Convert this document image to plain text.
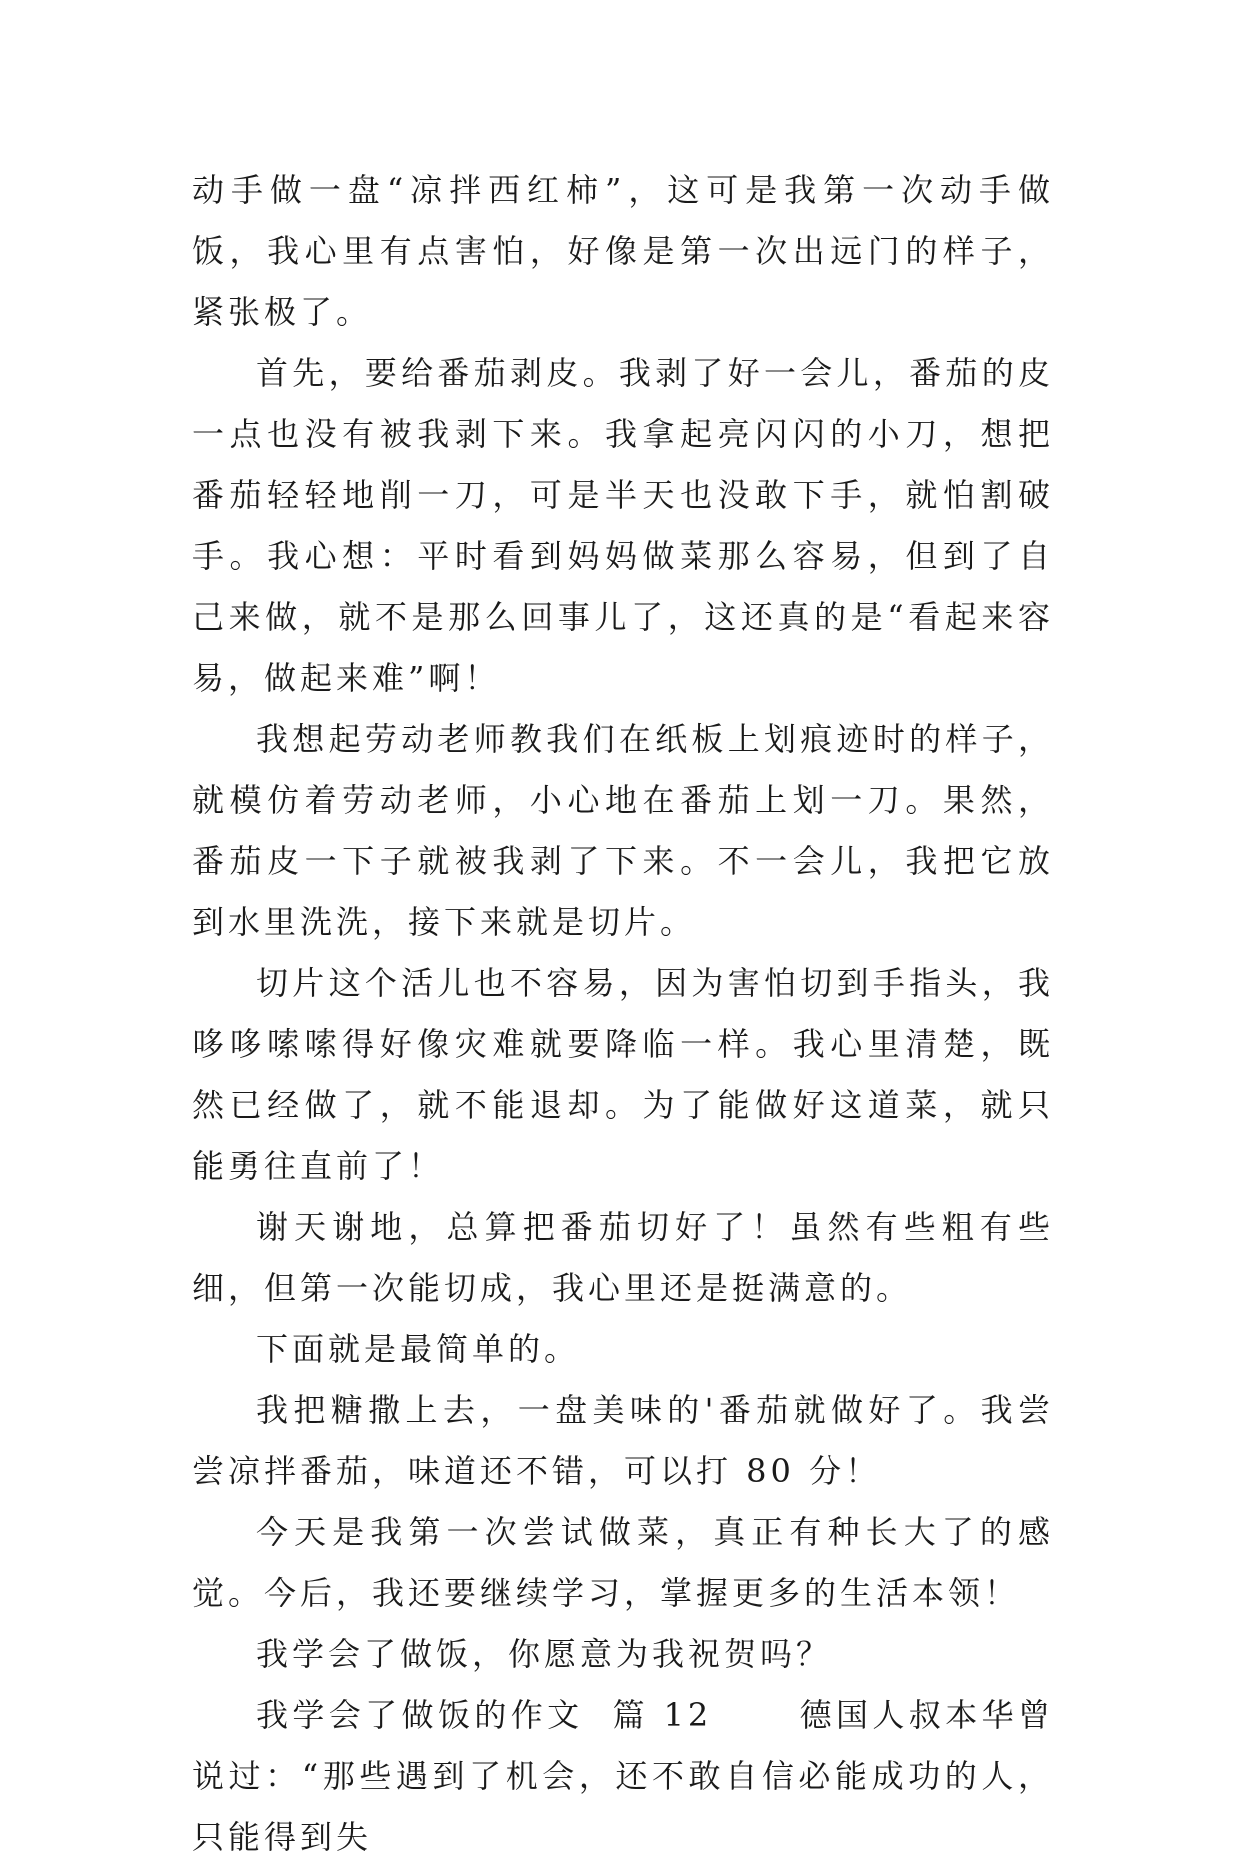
动手做一盘“凉拌西红柿”，这可是我第一次动手做饭，我心里有点害怕，好像是第一次出远门的样子，紧张极了。

首先，要给番茄剥皮。我剥了好一会儿，番茄的皮一点也没有被我剥下来。我拿起亮闪闪的小刀，想把番茄轻轻地削一刀，可是半天也没敢下手，就怕割破手。我心想：平时看到妈妈做菜那么容易，但到了自己来做，就不是那么回事儿了，这还真的是“看起来容易，做起来难”啊！

我想起劳动老师教我们在纸板上划痕迹时的样子，就模仿着劳动老师，小心地在番茄上划一刀。果然，番茄皮一下子就被我剥了下来。不一会儿，我把它放到水里洗洗，接下来就是切片。

切片这个活儿也不容易，因为害怕切到手指头，我哆哆嗦嗦得好像灾难就要降临一样。我心里清楚，既然已经做了，就不能退却。为了能做好这道菜，就只能勇往直前了！

谢天谢地，总算把番茄切好了！虽然有些粗有些细，但第一次能切成，我心里还是挺满意的。

下面就是最简单的。

我把糖撒上去，一盘美味的'番茄就做好了。我尝尝凉拌番茄，味道还不错，可以打 80 分！

今天是我第一次尝试做菜，真正有种长大了的感觉。今后，我还要继续学习，掌握更多的生活本领！

我学会了做饭，你愿意为我祝贺吗？

我学会了做饭的作文  篇 12      德国人叔本华曾说过：“那些遇到了机会，还不敢自信必能成功的人，只能得到失
